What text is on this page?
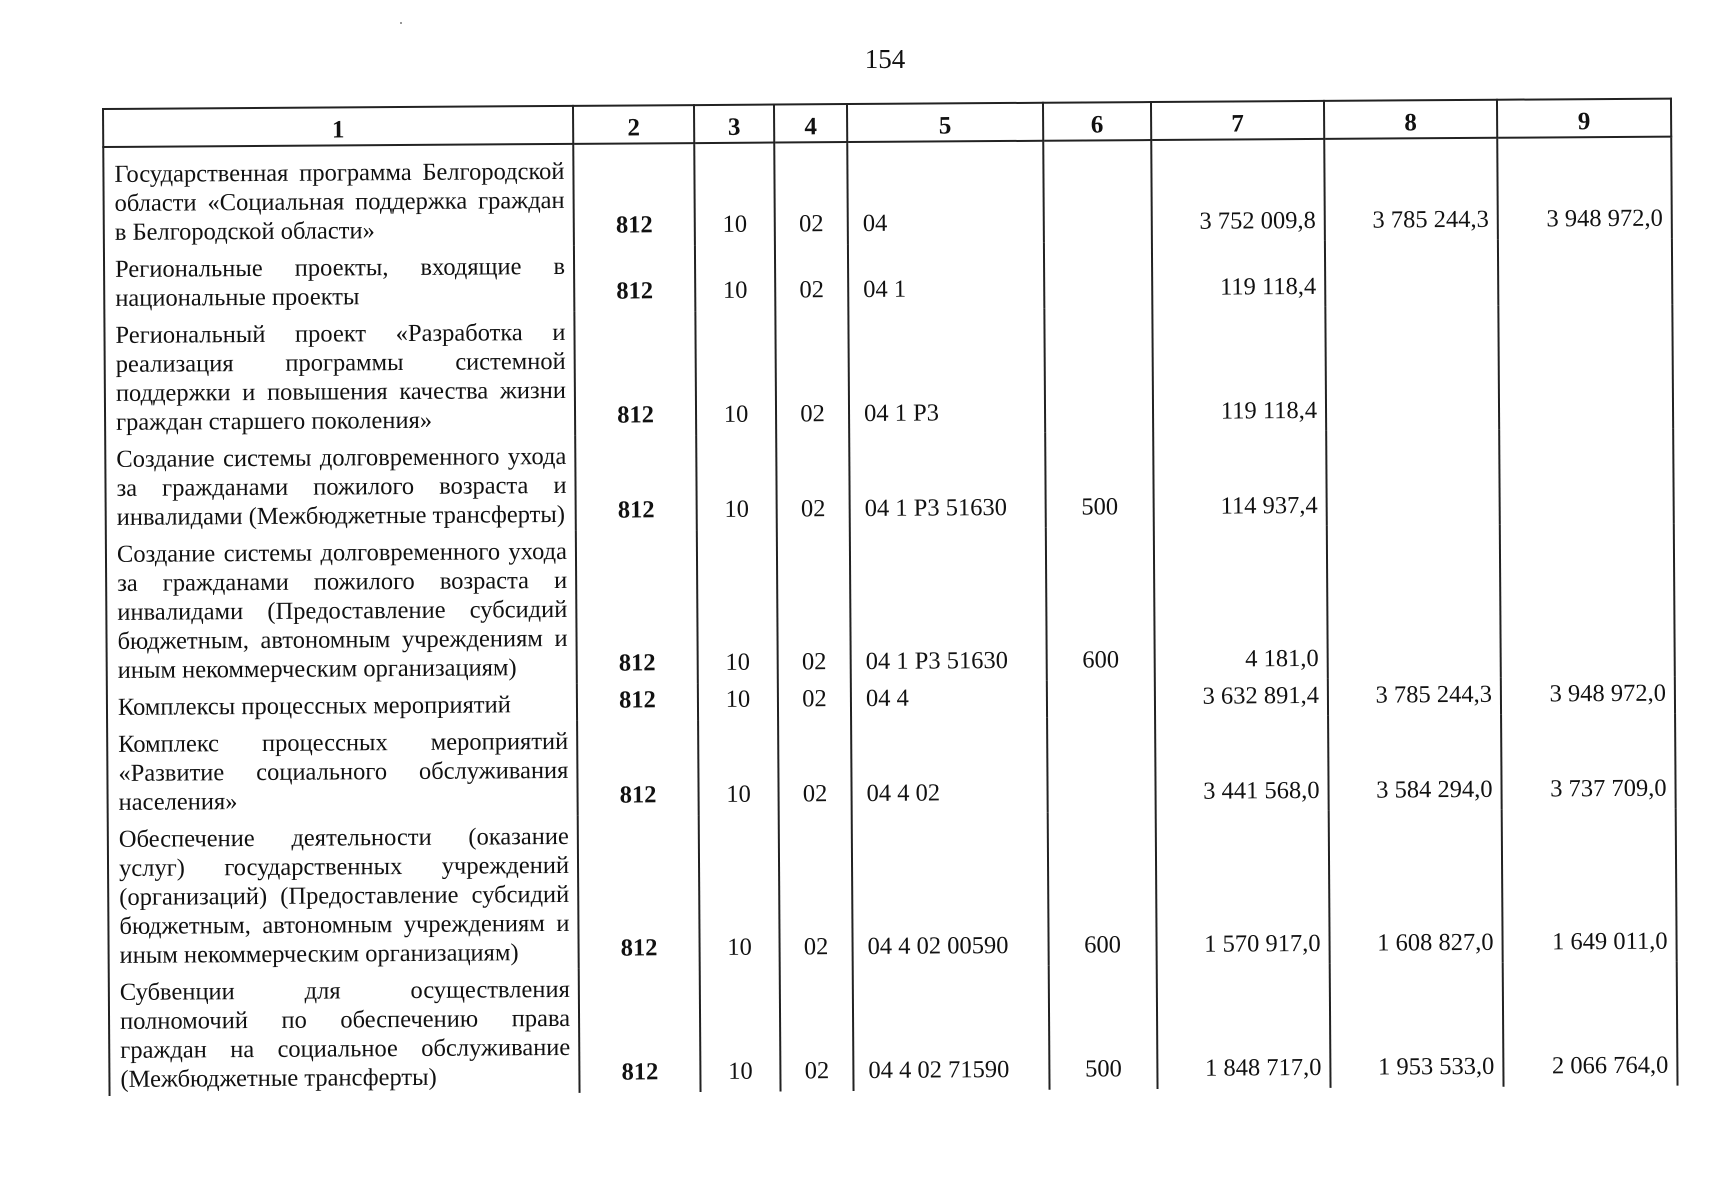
154
1	2	3	4	5	6	7	8	9
Государственная программа Белгородской области «Социальная поддержка граждан в Белгородской области»	812	10	02	04		3 752 009,8	3 785 244,3	3 948 972,0
Региональные проекты, входящие в национальные проекты	812	10	02	04 1		119 118,4		
Региональный проект «Разработка и реализация программы системной поддержки и повышения качества жизни граждан старшего поколения»	812	10	02	04 1 Р3		119 118,4		
Создание системы долговременного ухода за гражданами пожилого возраста и инвалидами (Межбюджетные трансферты)	812	10	02	04 1 Р3 51630	500	114 937,4		
Создание системы долговременного ухода за гражданами пожилого возраста и инвалидами (Предоставление субсидий бюджетным, автономным учреждениям и иным некоммерческим организациям)	812	10	02	04 1 Р3 51630	600	4 181,0		
Комплексы процессных мероприятий	812	10	02	04 4		3 632 891,4	3 785 244,3	3 948 972,0
Комплекс процессных мероприятий «Развитие социального обслуживания населения»	812	10	02	04 4 02		3 441 568,0	3 584 294,0	3 737 709,0
Обеспечение деятельности (оказание услуг) государственных учреждений (организаций) (Предоставление субсидий бюджетным, автономным учреждениям и иным некоммерческим организациям)	812	10	02	04 4 02 00590	600	1 570 917,0	1 608 827,0	1 649 011,0
Субвенции для осуществления полномочий по обеспечению права граждан на социальное обслуживание (Межбюджетные трансферты)	812	10	02	04 4 02 71590	500	1 848 717,0	1 953 533,0	2 066 764,0
